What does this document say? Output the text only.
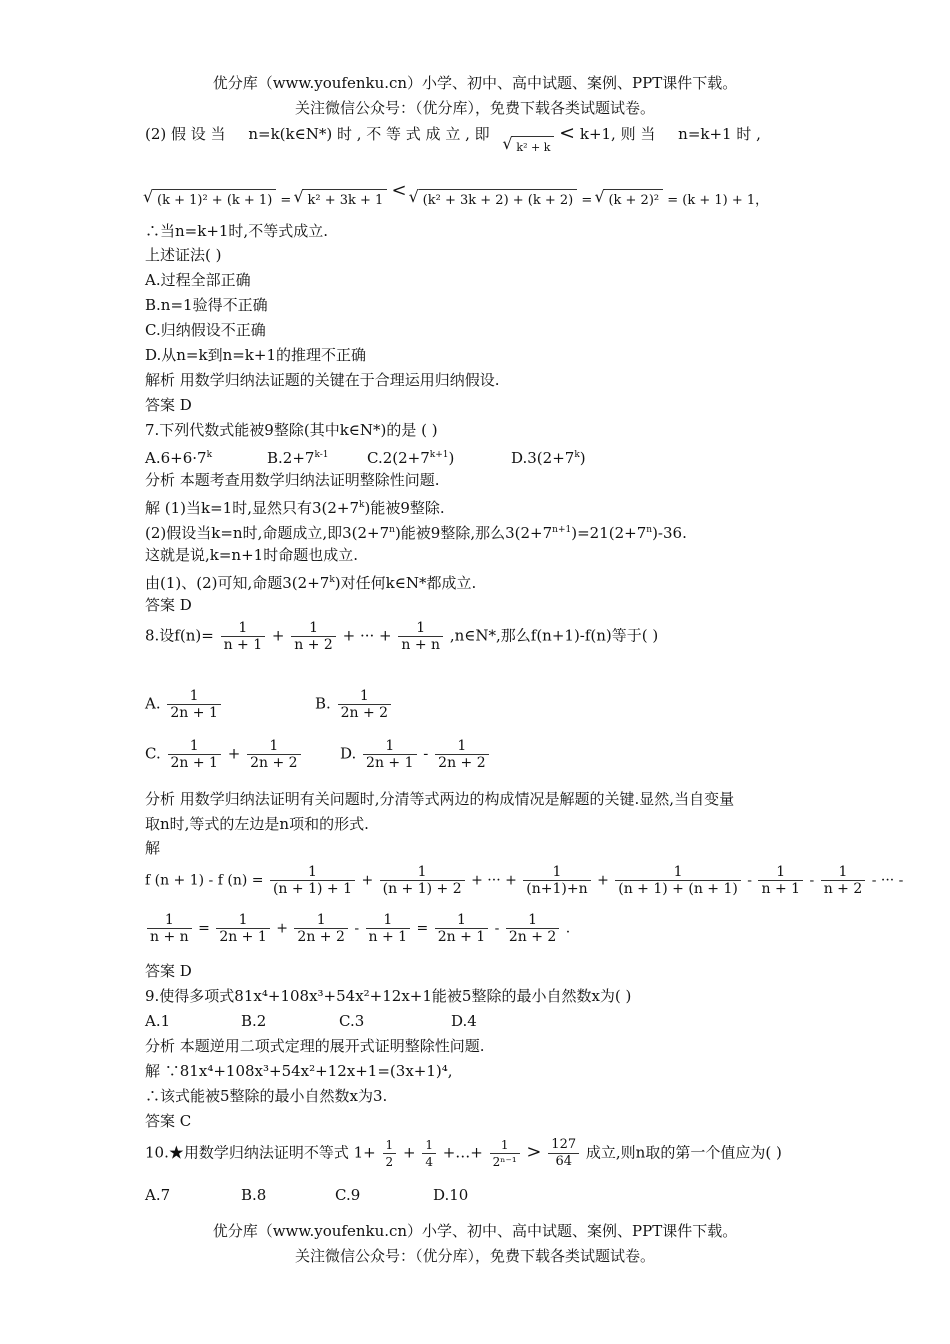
优分库（www.youfenku.cn）小学、初中、高中试题、案例、PPT课件下载。
关注微信公众号：（优分库），免费下载各类试题试卷。
(2) 假 设 当 n=k(k∈N*) 时 , 不 等 式 成 立 , 即 √ k² + k < k+1, 则 当 n=k+1 时 ,
√ (k + 1)² + (k + 1) = √ k² + 3k + 1 < √ (k² + 3k + 2) + (k + 2) = √ (k + 2)² = (k + 1) + 1，
∴当n=k+1时,不等式成立.
上述证法( )
A.过程全部正确
B.n=1验得不正确
C.归纳假设不正确
D.从n=k到n=k+1的推理不正确
解析 用数学归纳法证题的关键在于合理运用归纳假设.
答案 D
7.下列代数式能被9整除(其中k∈N*)的是 ( )
$A.6+6\cdot 7^k$	$B.2+7^{k-1}$	$C.2(2+7^{k+1})$	$D.3(2+7^k)$
分析 本题考查用数学归纳法证明整除性问题.
解 (1)当k=1时,显然只有$3(2+7^k)$能被9整除.
(2)假设当k=n时,命题成立,即$3(2+7^n)$能被9整除,那么$3(2+7^{n+1})=21(2+7^n)-36$.
这就是说,k=n+1时命题也成立.
由(1)、(2)可知,命题$3(2+7^k)$对任何k∈N*都成立.
答案 D
8.设$f(n)= \frac{1}{n + 1} + \frac{1}{n + 2}$ + ··· + $\frac{1}{n + n}$ ,n∈N*,那么f(n+1)-f(n)等于( )
A. $\frac{1}{2n + 1}$	B. $\frac{1}{2n + 2}$
C. $\frac{1}{2n + 1} + \frac{1}{2n + 2}$	D. $\frac{1}{2n + 1} - \frac{1}{2n + 2}$
分析 用数学归纳法证明有关问题时,分清等式两边的构成情况是解题的关键.显然,当自变量
取n时,等式的左边是n项和的形式.
解
f (n + 1) - f $(n) = \frac{1}{(n + 1) + 1} + \frac{1}{(n + 1) + 2}$ + ··· + $\frac{1}{(n+1)+n} + \frac{1}{(n + 1) + (n + 1)} - \frac{1}{n + 1} - \frac{1}{n + 2}$ - ··· -
$\frac{1}{n + n} = \frac{1}{2n + 1} + \frac{1}{2n + 2} - \frac{1}{n + 1} = \frac{1}{2n + 1} - \frac{1}{2n + 2}$ .
答案 D
9.使得多项式81x⁴+108x³+54x²+12x+1能被5整除的最小自然数x为( )
A.1	B.2	C.3	D.4
分析 本题逆用二项式定理的展开式证明整除性问题.
解 ∵81x⁴+108x³+54x²+12x+1=(3x+1)⁴,
∴该式能被5整除的最小自然数x为3.
答案 C
10.★用数学归纳法证明不等式 $1+ \frac{1}{2} + \frac{1}{4}$ +…+ $\frac{1}{\text{2ⁿ⁻¹}} > \frac{127}{64}$ 成立,则n取的第一个值应为( )
A.7	B.8	C.9	D.10
优分库（www.youfenku.cn）小学、初中、高中试题、案例、PPT课件下载。
关注微信公众号：（优分库），免费下载各类试题试卷。
